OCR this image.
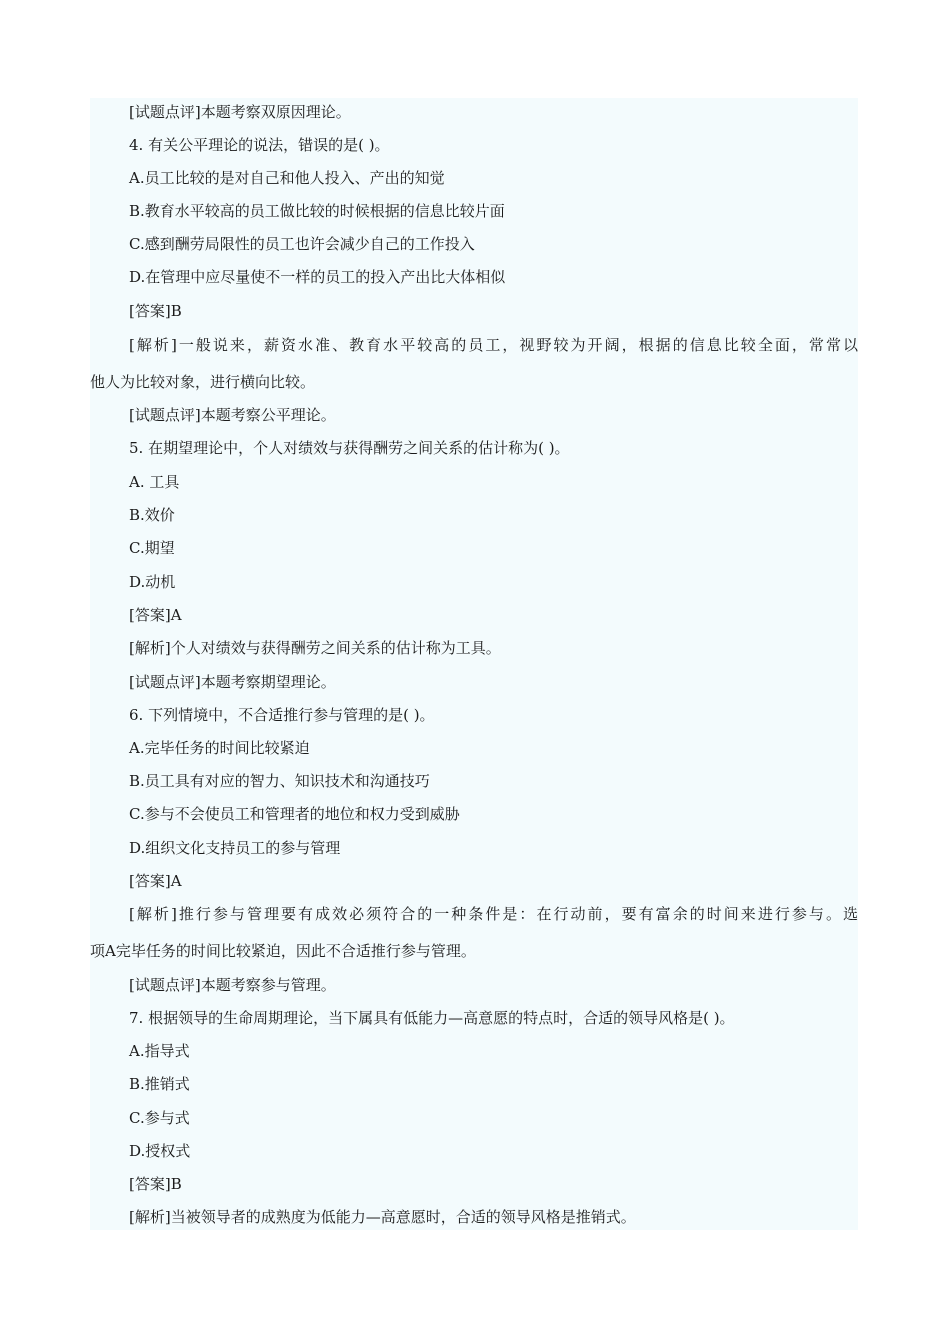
[试题点评]本题考察双原因理论。
4. 有关公平理论的说法，错误的是( )。
A.员工比较的是对自己和他人投入、产出的知觉
B.教育水平较高的员工做比较的时候根据的信息比较片面
C.感到酬劳局限性的员工也许会减少自己的工作投入
D.在管理中应尽量使不一样的员工的投入产出比大体相似
[答案]B
[解析]一般说来，薪资水准、教育水平较高的员工，视野较为开阔，根据的信息比较全面，常常以
他人为比较对象，进行横向比较。
[试题点评]本题考察公平理论。
5. 在期望理论中，个人对绩效与获得酬劳之间关系的估计称为( )。
A. 工具
B.效价
C.期望
D.动机
[答案]A
[解析]个人对绩效与获得酬劳之间关系的估计称为工具。
[试题点评]本题考察期望理论。
6. 下列情境中，不合适推行参与管理的是( )。
A.完毕任务的时间比较紧迫
B.员工具有对应的智力、知识技术和沟通技巧
C.参与不会使员工和管理者的地位和权力受到威胁
D.组织文化支持员工的参与管理
[答案]A
[解析]推行参与管理要有成效必须符合的一种条件是：在行动前，要有富余的时间来进行参与。选
项A完毕任务的时间比较紧迫，因此不合适推行参与管理。
[试题点评]本题考察参与管理。
7. 根据领导的生命周期理论，当下属具有低能力—高意愿的特点时，合适的领导风格是( )。
A.指导式
B.推销式
C.参与式
D.授权式
[答案]B
[解析]当被领导者的成熟度为低能力—高意愿时，合适的领导风格是推销式。
